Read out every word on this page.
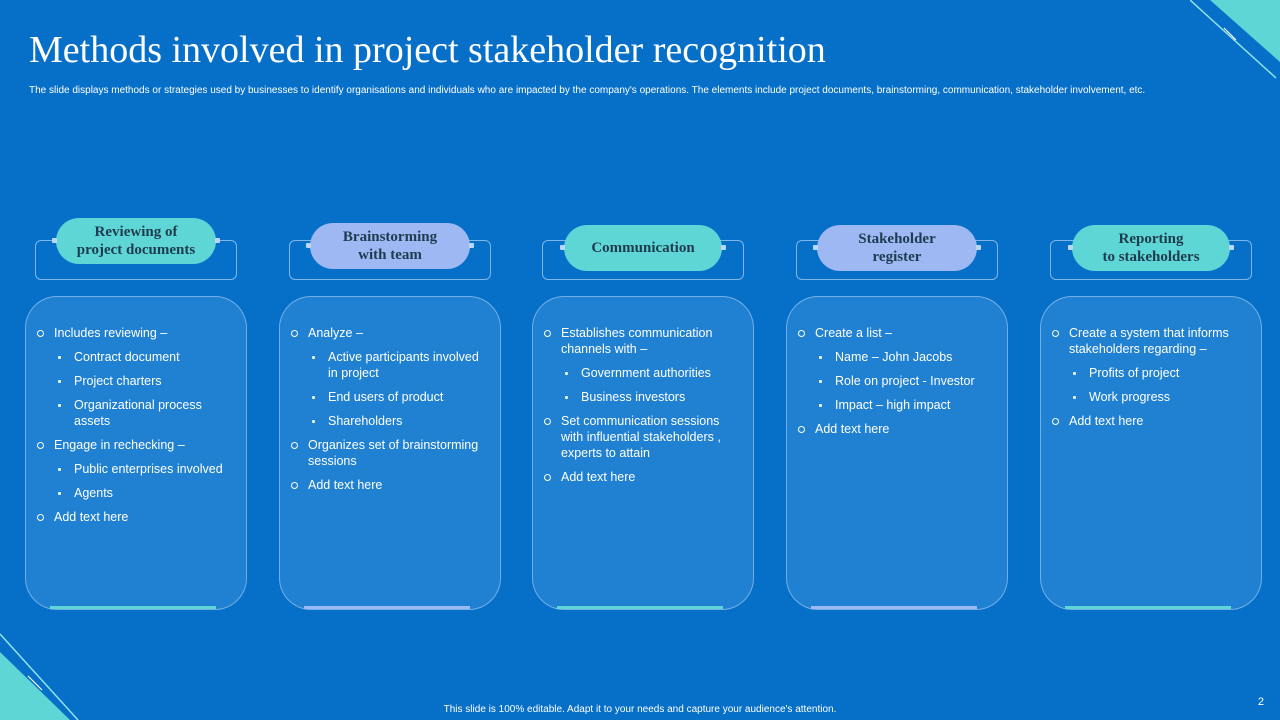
Methods involved in project stakeholder recognition

The slide displays methods or strategies used by businesses to identify organisations and individuals who are impacted by the company's operations. The elements include project documents, brainstorming, communication, stakeholder involvement, etc.

Reviewing of
project documents
Includes reviewing –
Contract document
Project charters
Organizational process assets
Engage in rechecking –
Public enterprises involved
Agents
Add text here
Brainstorming
with team
Analyze –
Active participants involved in project
End users of product
Shareholders
Organizes set of brainstorming sessions
Add text here
Communication
Establishes communication channels with –
Government authorities
Business investors
Set communication sessions with influential stakeholders , experts to attain
Add text here
Stakeholder
register
Create a list –
Name – John Jacobs
Role on project - Investor
Impact – high impact
Add text here
Reporting
to stakeholders
Create a system that informs stakeholders regarding –
Profits of project
Work progress
Add text here
This slide is 100% editable. Adapt it to your needs and capture your audience's attention.
2
